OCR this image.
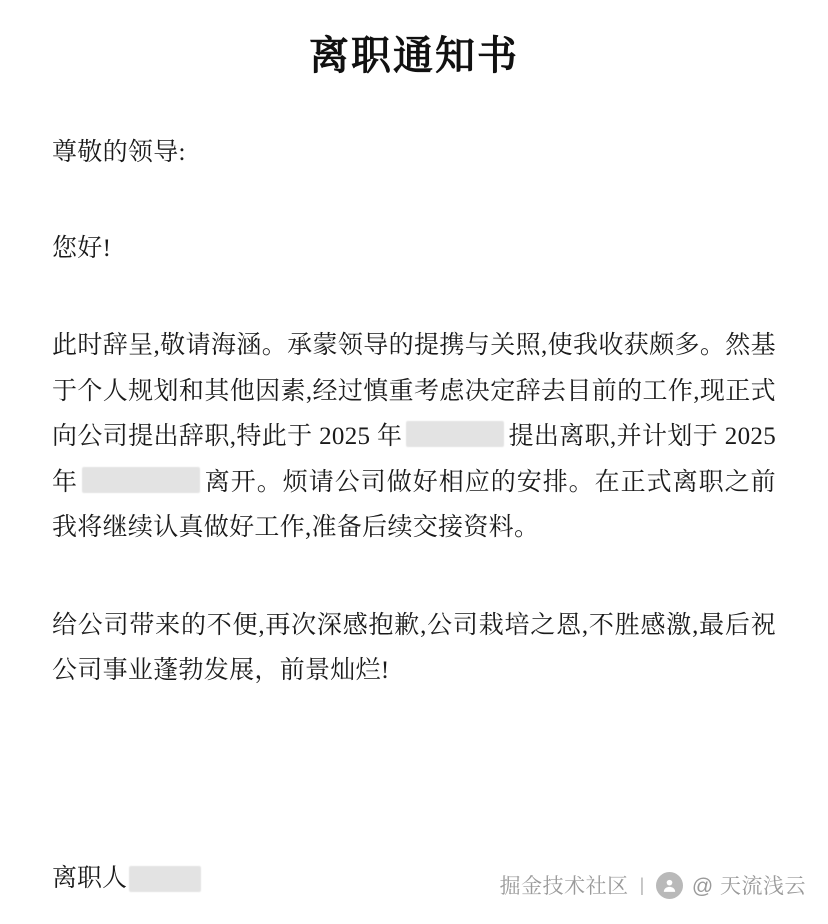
离职通知书

尊敬的领导:

您好!

此时辞呈,敬请海涵。承蒙领导的提携与关照,使我收获颇多。然基于个人规划和其他因素,经过慎重考虑决定辞去目前的工作,现正式向公司提出辞职,特此于 2025 年	提出离职,并计划于 2025 年	离开。烦请公司做好相应的安排。在正式离职之前我将继续认真做好工作,准备后续交接资料。

给公司带来的不便,再次深感抱歉,公司栽培之恩,不胜感激,最后祝公司事业蓬勃发展，前景灿烂!

离职人	掘金技术社区 | @ 天流浅云
